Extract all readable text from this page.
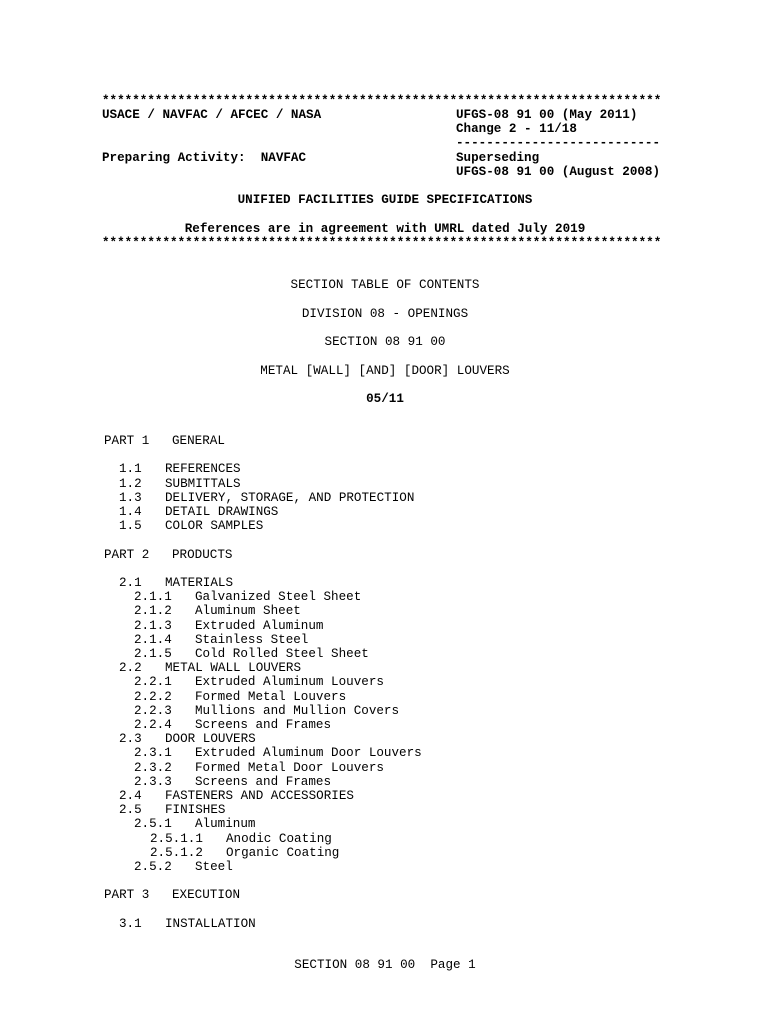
**************************************************************************
USACE / NAVFAC / AFCEC / NASA	UFGS-08 91 00 (May 2011)
Change 2 - 11/18
---------------------------
Preparing Activity:  NAVFAC	Superseding
UFGS-08 91 00 (August 2008)
UNIFIED FACILITIES GUIDE SPECIFICATIONS
References are in agreement with UMRL dated July 2019
**************************************************************************
SECTION TABLE OF CONTENTS
DIVISION 08 - OPENINGS
SECTION 08 91 00
METAL [WALL] [AND] [DOOR] LOUVERS
05/11
PART 1 GENERAL
1.1 REFERENCES
1.2 SUBMITTALS
1.3 DELIVERY, STORAGE, AND PROTECTION
1.4 DETAIL DRAWINGS
1.5 COLOR SAMPLES
PART 2 PRODUCTS
2.1 MATERIALS
2.1.1 Galvanized Steel Sheet
2.1.2 Aluminum Sheet
2.1.3 Extruded Aluminum
2.1.4 Stainless Steel
2.1.5 Cold Rolled Steel Sheet
2.2 METAL WALL LOUVERS
2.2.1 Extruded Aluminum Louvers
2.2.2 Formed Metal Louvers
2.2.3 Mullions and Mullion Covers
2.2.4 Screens and Frames
2.3 DOOR LOUVERS
2.3.1 Extruded Aluminum Door Louvers
2.3.2 Formed Metal Door Louvers
2.3.3 Screens and Frames
2.4 FASTENERS AND ACCESSORIES
2.5 FINISHES
2.5.1 Aluminum
2.5.1.1 Anodic Coating
2.5.1.2 Organic Coating
2.5.2 Steel
PART 3 EXECUTION
3.1 INSTALLATION
SECTION 08 91 00  Page 1
